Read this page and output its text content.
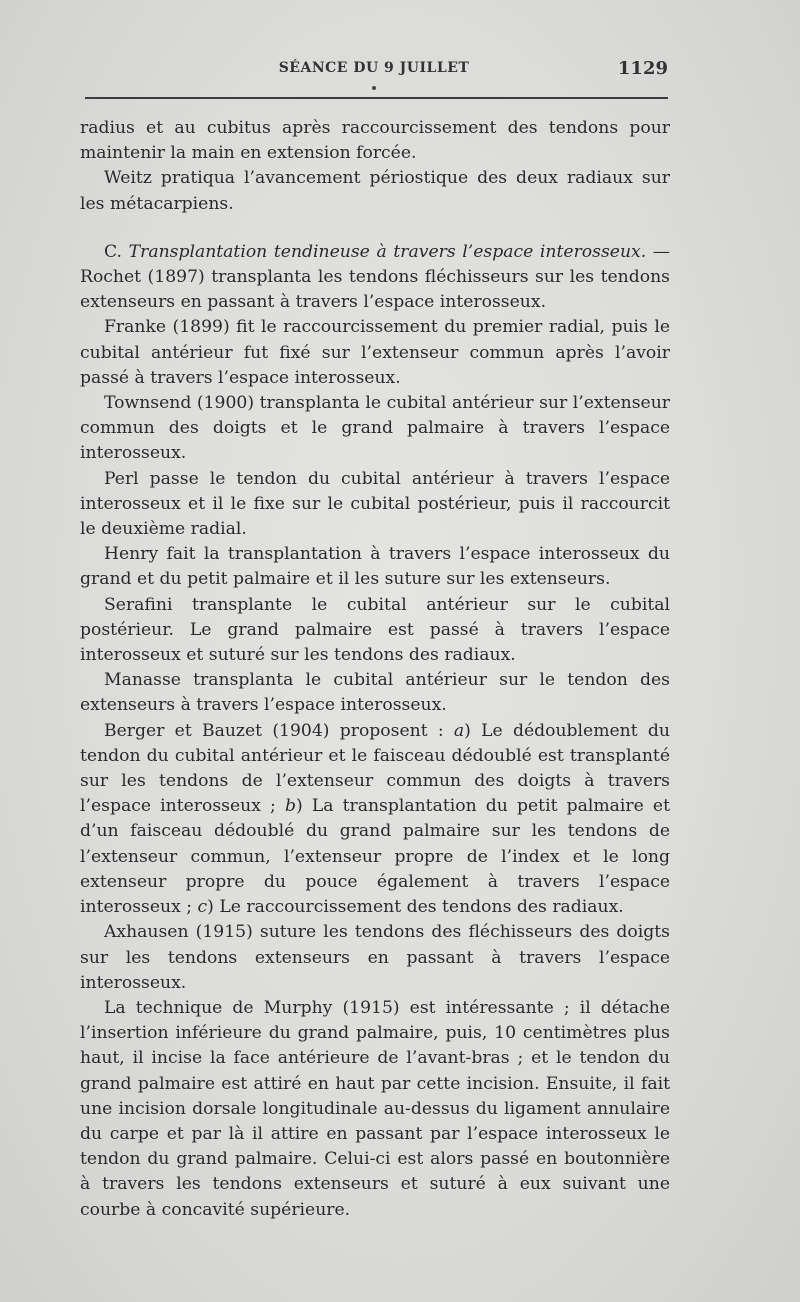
SÉANCE DU 9 JUILLET	1129

radius et au cubitus après raccourcissement des tendons pour maintenir la main en extension forcée.

Weitz pratiqua l’avancement périostique des deux radiaux sur les métacarpiens.

C. Transplantation tendineuse à travers l’espace interosseux. — Rochet (1897) transplanta les tendons fléchisseurs sur les tendons extenseurs en passant à travers l’espace interosseux.

Franke (1899) fit le raccourcissement du premier radial, puis le cubital antérieur fut fixé sur l’extenseur commun après l’avoir passé à travers l’espace interosseux.

Townsend (1900) transplanta le cubital antérieur sur l’extenseur commun des doigts et le grand palmaire à travers l’espace interosseux.

Perl passe le tendon du cubital antérieur à travers l’espace interosseux et il le fixe sur le cubital postérieur, puis il raccourcit le deuxième radial.

Henry fait la transplantation à travers l’espace interosseux du grand et du petit palmaire et il les suture sur les extenseurs.

Serafini transplante le cubital antérieur sur le cubital postérieur. Le grand palmaire est passé à travers l’espace interosseux et suturé sur les tendons des radiaux.

Manasse transplanta le cubital antérieur sur le tendon des extenseurs à travers l’espace interosseux.

Berger et Bauzet (1904) proposent : a) Le dédoublement du tendon du cubital antérieur et le faisceau dédoublé est transplanté sur les tendons de l’extenseur commun des doigts à travers l’espace interosseux ; b) La transplantation du petit palmaire et d’un faisceau dédoublé du grand palmaire sur les tendons de l’extenseur commun, l’extenseur propre de l’index et le long extenseur propre du pouce également à travers l’espace interosseux ; c) Le raccourcissement des tendons des radiaux.

Axhausen (1915) suture les tendons des fléchisseurs des doigts sur les tendons extenseurs en passant à travers l’espace interosseux.

La technique de Murphy (1915) est intéressante ; il détache l’insertion inférieure du grand palmaire, puis, 10 centimètres plus haut, il incise la face antérieure de l’avant-bras ; et le tendon du grand palmaire est attiré en haut par cette incision. Ensuite, il fait une incision dorsale longitudinale au-dessus du ligament annulaire du carpe et par là il attire en passant par l’espace interosseux le tendon du grand palmaire. Celui-ci est alors passé en boutonnière à travers les tendons extenseurs et suturé à eux suivant une courbe à concavité supérieure.
